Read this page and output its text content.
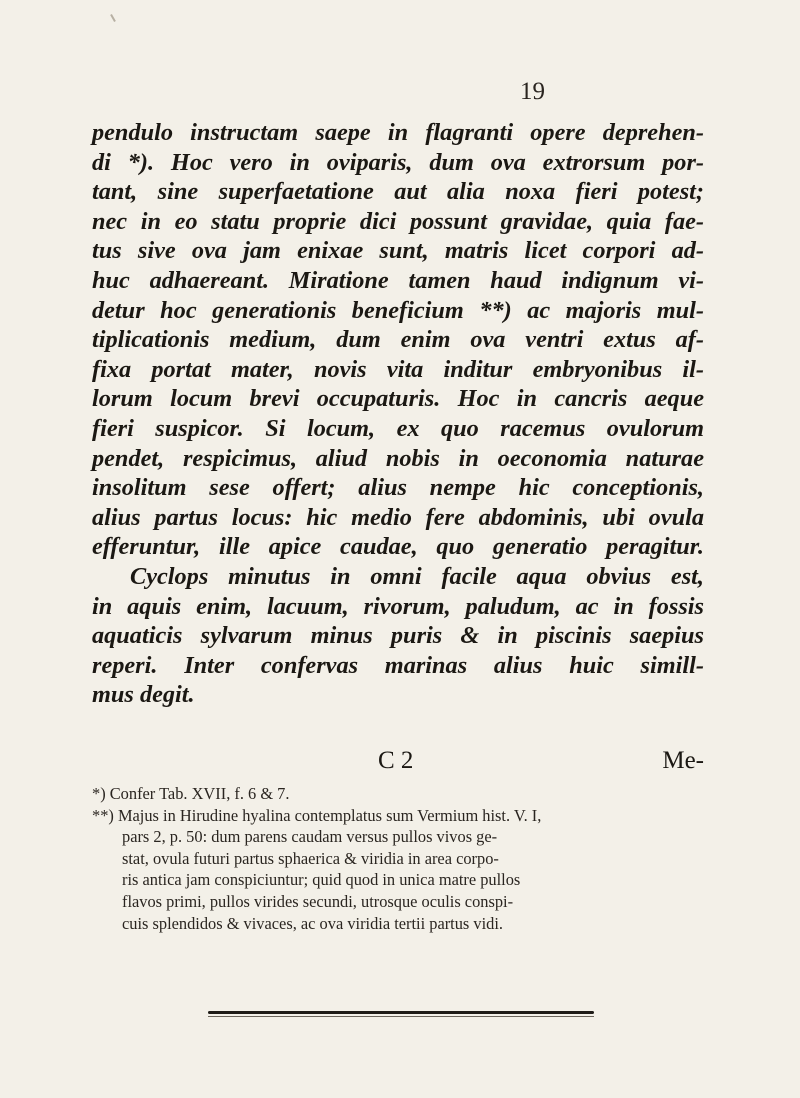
19
pendulo instructam saepe in flagranti opere deprehen-
di *). Hoc vero in oviparis, dum ova extrorsum por-
tant, sine superfaetatione aut alia noxa fieri potest;
nec in eo statu proprie dici possunt gravidae, quia fae-
tus sive ova jam enixae sunt, matris licet corpori ad-
huc adhaereant. Miratione tamen haud indignum vi-
detur hoc generationis beneficium **) ac majoris mul-
tiplicationis medium, dum enim ova ventri extus af-
fixa portat mater, novis vita inditur embryonibus il-
lorum locum brevi occupaturis. Hoc in cancris aeque
fieri suspicor. Si locum, ex quo racemus ovulorum
pendet, respicimus, aliud nobis in oeconomia naturae
insolitum sese offert; alius nempe hic conceptionis,
alius partus locus: hic medio fere abdominis, ubi ovula
efferuntur, ille apice caudae, quo generatio peragitur.
Cyclops minutus in omni facile aqua obvius est,
in aquis enim, lacuum, rivorum, paludum, ac in fossis
aquaticis sylvarum minus puris & in piscinis saepius
reperi. Inter confervas marinas alius huic simill-
mus degit.
C 2	Me-
*) Confer Tab. XVII, f. 6 & 7.
**) Majus in Hirudine hyalina contemplatus sum Vermium hist. V. I,
pars 2, p. 50: dum parens caudam versus pullos vivos ge-
stat, ovula futuri partus sphaerica & viridia in area corpo-
ris antica jam conspiciuntur; quid quod in unica matre pullos
flavos primi, pullos virides secundi, utrosque oculis conspi-
cuis splendidos & vivaces, ac ova viridia tertii partus vidi.
